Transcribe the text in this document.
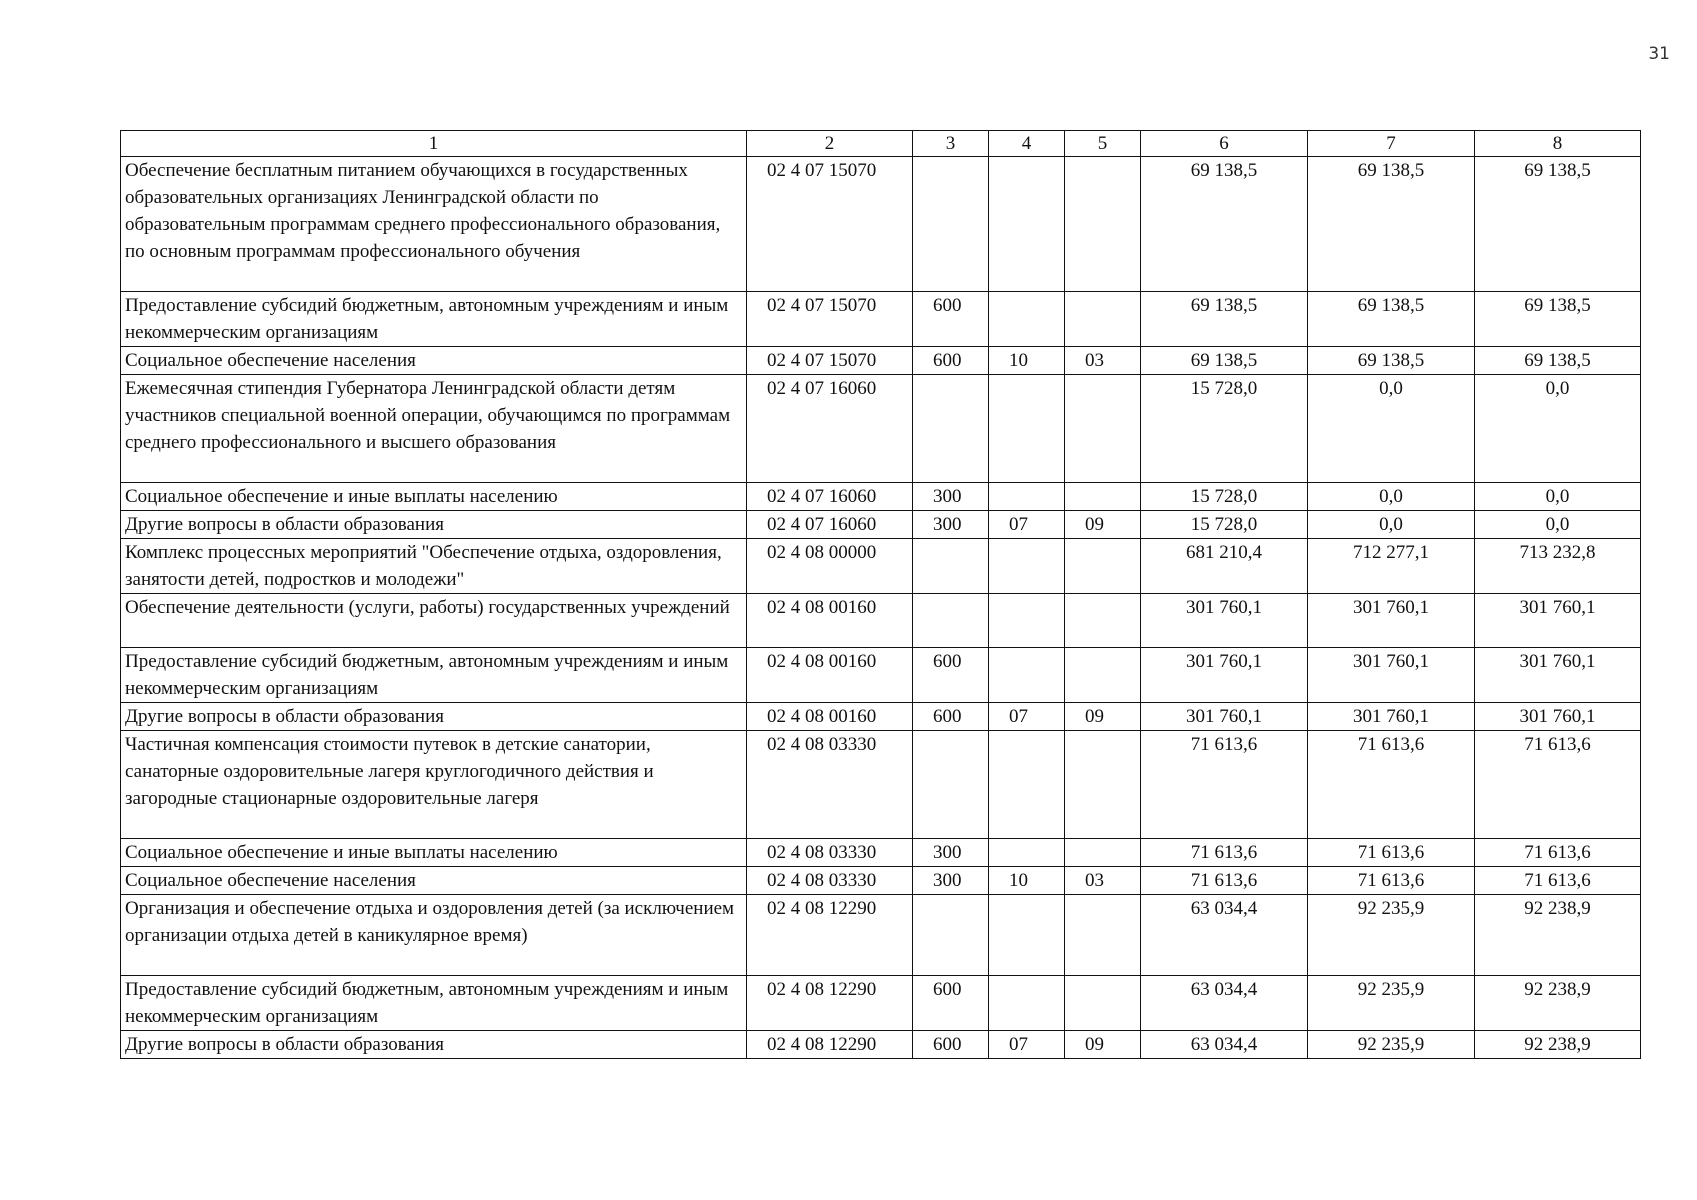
31
1	2	3	4	5	6	7	8
Обеспечение бесплатным питанием обучающихся в государственных образовательных организациях Ленинградской области по образовательным программам среднего профессионального образования, по основным программам профессионального обучения	02 4 07 15070				69 138,5	69 138,5	69 138,5
Предоставление субсидий бюджетным, автономным учреждениям и иным некоммерческим организациям	02 4 07 15070	600			69 138,5	69 138,5	69 138,5
Социальное обеспечение населения	02 4 07 15070	600	10	03	69 138,5	69 138,5	69 138,5
Ежемесячная стипендия Губернатора Ленинградской области детям участников специальной военной операции, обучающимся по программам среднего профессионального и высшего образования	02 4 07 16060				15 728,0	0,0	0,0
Социальное обеспечение и иные выплаты населению	02 4 07 16060	300			15 728,0	0,0	0,0
Другие вопросы в области образования	02 4 07 16060	300	07	09	15 728,0	0,0	0,0
Комплекс процессных мероприятий "Обеспечение отдыха, оздоровления, занятости детей, подростков и молодежи"	02 4 08 00000				681 210,4	712 277,1	713 232,8
Обеспечение деятельности (услуги, работы) государственных учреждений	02 4 08 00160				301 760,1	301 760,1	301 760,1
Предоставление субсидий бюджетным, автономным учреждениям и иным некоммерческим организациям	02 4 08 00160	600			301 760,1	301 760,1	301 760,1
Другие вопросы в области образования	02 4 08 00160	600	07	09	301 760,1	301 760,1	301 760,1
Частичная компенсация стоимости путевок в детские санатории, санаторные оздоровительные лагеря круглогодичного действия и загородные стационарные оздоровительные лагеря	02 4 08 03330				71 613,6	71 613,6	71 613,6
Социальное обеспечение и иные выплаты населению	02 4 08 03330	300			71 613,6	71 613,6	71 613,6
Социальное обеспечение населения	02 4 08 03330	300	10	03	71 613,6	71 613,6	71 613,6
Организация и обеспечение отдыха и оздоровления детей (за исключением организации отдыха детей в каникулярное время)	02 4 08 12290				63 034,4	92 235,9	92 238,9
Предоставление субсидий бюджетным, автономным учреждениям и иным некоммерческим организациям	02 4 08 12290	600			63 034,4	92 235,9	92 238,9
Другие вопросы в области образования	02 4 08 12290	600	07	09	63 034,4	92 235,9	92 238,9
